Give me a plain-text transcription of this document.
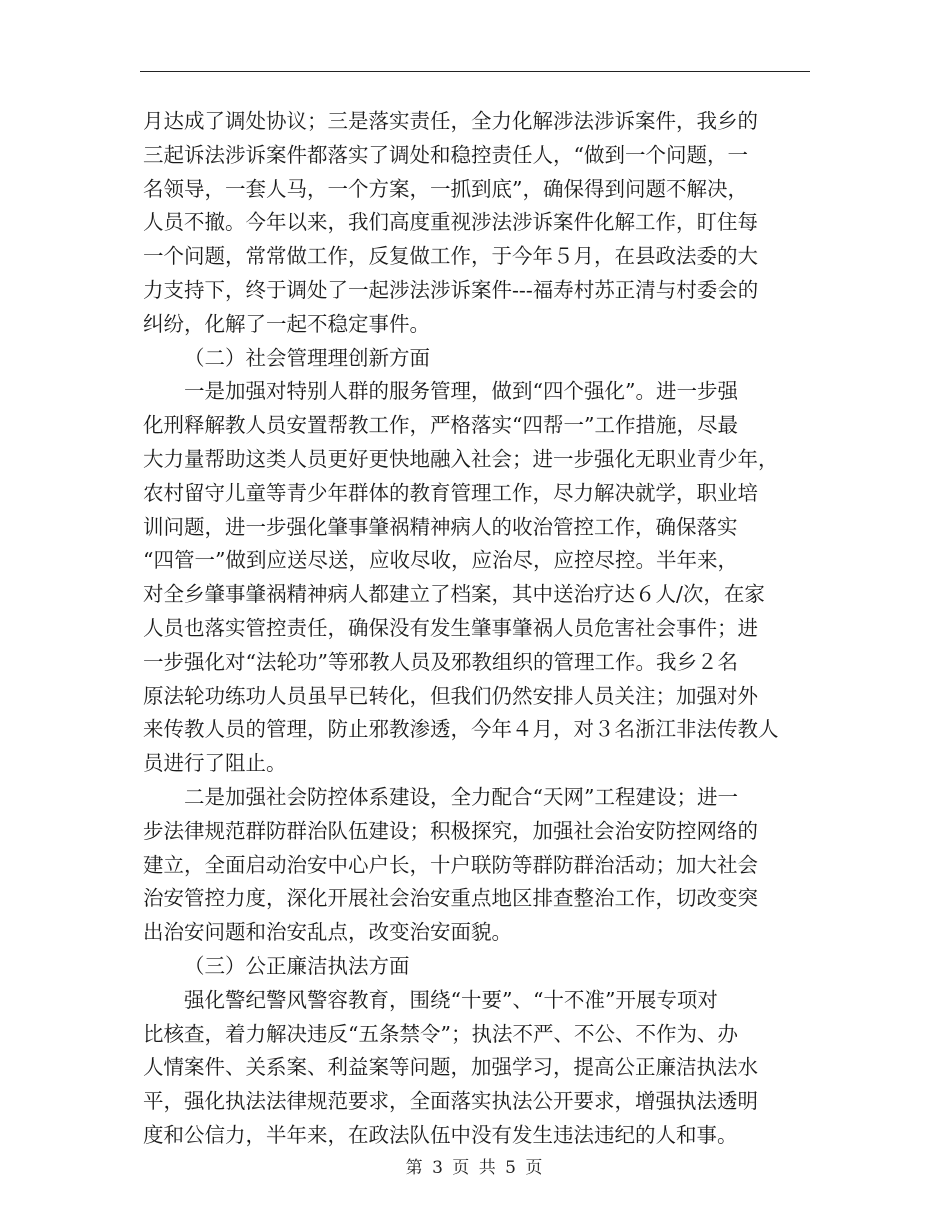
月达成了调处协议；三是落实责任，全力化解涉法涉诉案件，我乡的
三起诉法涉诉案件都落实了调处和稳控责任人，“做到一个问题，一
名领导，一套人马，一个方案，一抓到底”，确保得到问题不解决，
人员不撤。今年以来，我们高度重视涉法涉诉案件化解工作，盯住每
一个问题，常常做工作，反复做工作，于今年５月，在县政法委的大
力支持下，终于调处了一起涉法涉诉案件---福寿村苏正清与村委会的
纠纷，化解了一起不稳定事件。

（二）社会管理理创新方面

一是加强对特别人群的服务管理，做到“四个强化”。进一步强
化刑释解教人员安置帮教工作，严格落实“四帮一”工作措施，尽最
大力量帮助这类人员更好更快地融入社会；进一步强化无职业青少年，
农村留守儿童等青少年群体的教育管理工作，尽力解决就学，职业培
训问题，进一步强化肇事肇祸精神病人的收治管控工作，确保落实
“四管一”做到应送尽送，应收尽收，应治尽，应控尽控。半年来，
对全乡肇事肇祸精神病人都建立了档案，其中送治疗达６人/次，在家
人员也落实管控责任，确保没有发生肇事肇祸人员危害社会事件；进
一步强化对“法轮功”等邪教人员及邪教组织的管理工作。我乡２名
原法轮功练功人员虽早已转化，但我们仍然安排人员关注；加强对外
来传教人员的管理，防止邪教渗透，今年４月，对３名浙江非法传教人
员进行了阻止。

二是加强社会防控体系建设，全力配合“天网”工程建设；进一
步法律规范群防群治队伍建设；积极探究，加强社会治安防控网络的
建立，全面启动治安中心户长，十户联防等群防群治活动；加大社会
治安管控力度，深化开展社会治安重点地区排查整治工作，切改变突
出治安问题和治安乱点，改变治安面貌。

（三）公正廉洁执法方面

强化警纪警风警容教育，围绕“十要”、“十不准”开展专项对
比核查，着力解决违反“五条禁令”；执法不严、不公、不作为、办
人情案件、关系案、利益案等问题，加强学习，提高公正廉洁执法水
平，强化执法法律规范要求，全面落实执法公开要求，增强执法透明
度和公信力，半年来，在政法队伍中没有发生违法违纪的人和事。

第 3 页 共 5 页
